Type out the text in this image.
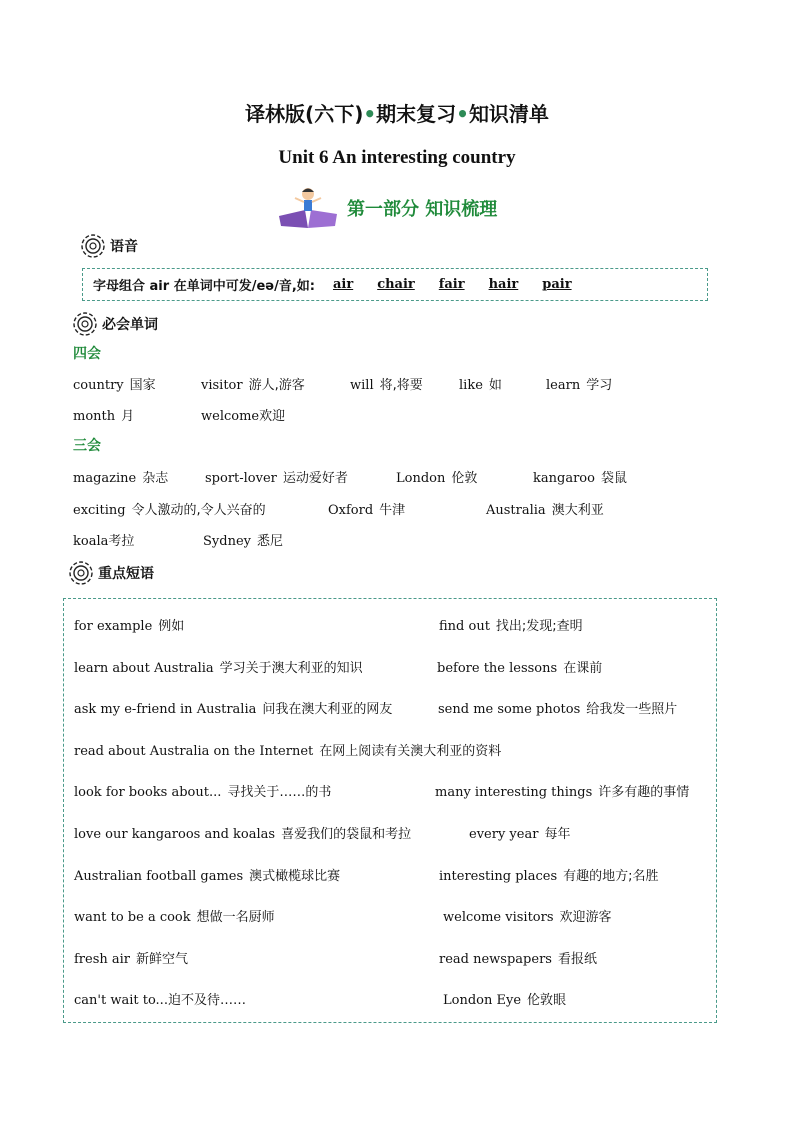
译林版(六下)•期末复习•知识清单
Unit 6 An interesting country
第一部分 知识梳理
语音
字母组合 air 在单词中可发/eə/音,如: air chair fair hair pair
必会单词
四会
country 国家	visitor 游人,游客	will 将,将要	like 如	learn 学习
month 月	welcome欢迎
三会
magazine 杂志	sport-lover 运动爱好者	London 伦敦	kangaroo 袋鼠
exciting 令人激动的,令人兴奋的	Oxford 牛津	Australia 澳大利亚
koala考拉	Sydney 悉尼
重点短语
for example 例如	find out 找出;发现;查明
learn about Australia 学习关于澳大利亚的知识	before the lessons 在课前
ask my e-friend in Australia 问我在澳大利亚的网友	send me some photos 给我发一些照片
read about Australia on the Internet 在网上阅读有关澳大利亚的资料
look for books about... 寻找关于……的书	many interesting things 许多有趣的事情
love our kangaroos and koalas 喜爱我们的袋鼠和考拉	every year 每年
Australian football games 澳式橄榄球比赛	interesting places 有趣的地方;名胜
want to be a cook 想做一名厨师	welcome visitors 欢迎游客
fresh air 新鲜空气	read newspapers 看报纸
can't wait to...迫不及待……	London Eye 伦敦眼
